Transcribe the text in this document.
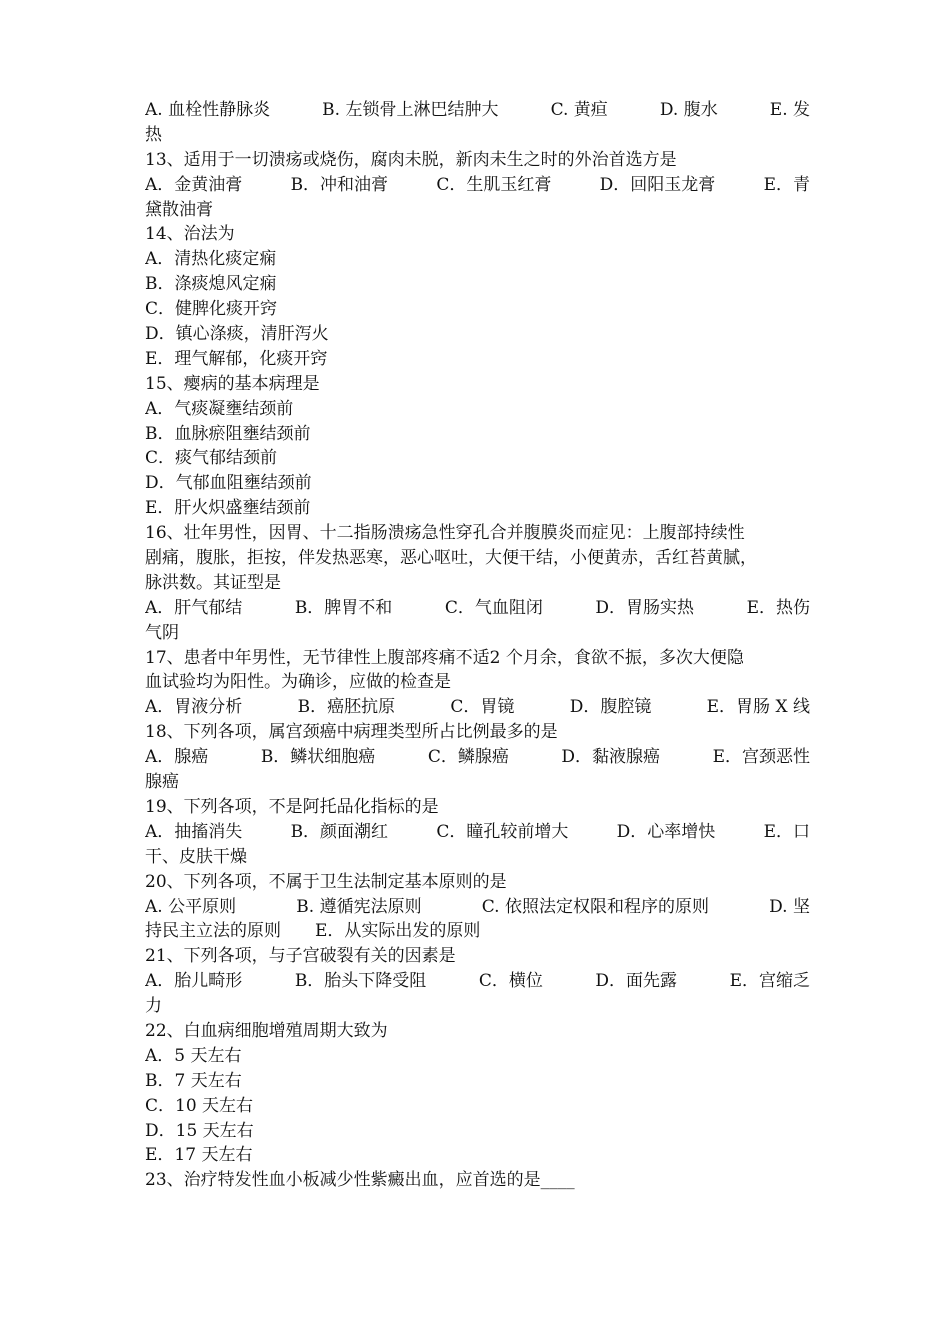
A. 血栓性静脉炎	B. 左锁骨上淋巴结肿大	C. 黄疸	D. 腹水	E. 发
热
13、适用于一切溃疡或烧伤，腐肉未脱，新肉未生之时的外治首选方是
A．金黄油膏	B．冲和油膏	C．生肌玉红膏	D．回阳玉龙膏	E．青
黛散油膏
14、治法为
A．清热化痰定痫
B．涤痰熄风定痫
C．健脾化痰开窍
D．镇心涤痰，清肝泻火
E．理气解郁，化痰开窍
15、瘿病的基本病理是
A．气痰凝壅结颈前
B．血脉瘀阻壅结颈前
C．痰气郁结颈前
D．气郁血阻壅结颈前
E．肝火炽盛壅结颈前
16、壮年男性，因胃、十二指肠溃疡急性穿孔合并腹膜炎而症见：上腹部持续性
剧痛，腹胀，拒按，伴发热恶寒，恶心呕吐，大便干结，小便黄赤，舌红苔黄腻，
脉洪数。其证型是
A．肝气郁结	B．脾胃不和	C．气血阻闭	D．胃肠实热	E．热伤
气阴
17、患者中年男性，无节律性上腹部疼痛不适2 个月余，食欲不振，多次大便隐
血试验均为阳性。为确诊，应做的检查是
A．胃液分析	B．癌胚抗原	C．胃镜	D．腹腔镜	E．胃肠 X 线
18、下列各项，属宫颈癌中病理类型所占比例最多的是
A．腺癌	B．鳞状细胞癌	C．鳞腺癌	D．黏液腺癌	E．宫颈恶性
腺癌
19、下列各项，不是阿托品化指标的是
A．抽搐消失	B．颜面潮红	C．瞳孔较前增大	D．心率增快	E．口
干、皮肤干燥
20、下列各项，不属于卫生法制定基本原则的是
A. 公平原则	B. 遵循宪法原则	C. 依照法定权限和程序的原则	D. 坚
持民主立法的原则　　E．从实际出发的原则
21、下列各项，与子宫破裂有关的因素是
A．胎儿畸形	B．胎头下降受阻	C．横位	D．面先露	E．宫缩乏
力
22、白血病细胞增殖周期大致为
A．5 天左右
B．7 天左右
C．10 天左右
D．15 天左右
E．17 天左右
23、治疗特发性血小板减少性紫癜出血，应首选的是____
